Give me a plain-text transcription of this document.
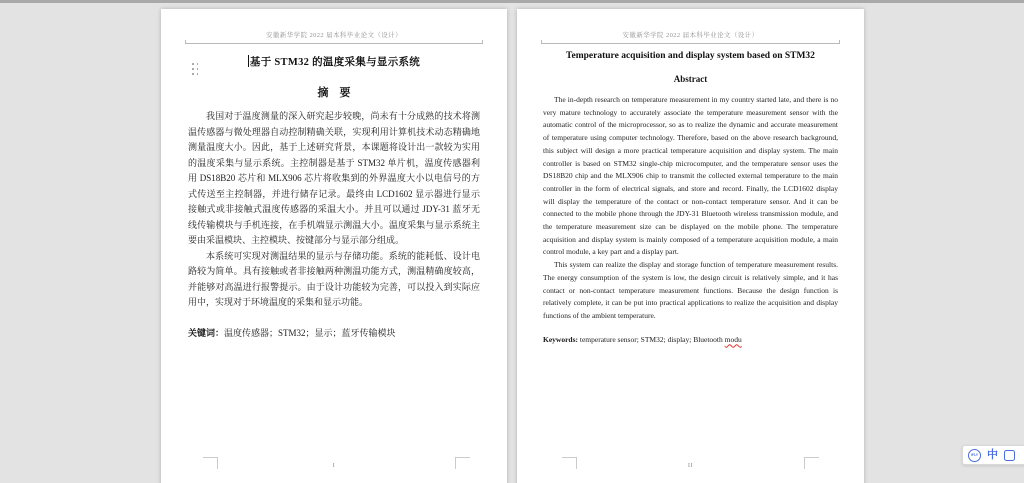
安徽新华学院 2022 届本科毕业论文（设计）
基于 STM32 的温度采集与显示系统
摘　要

我国对于温度测量的深入研究起步较晚，尚未有十分成熟的技术将测温传感器与微处理器自动控制精确关联，实现利用计算机技术动态精确地测量温度大小。因此，基于上述研究背景，本课题将设计出一款较为实用的温度采集与显示系统。主控制器是基于 STM32 单片机，温度传感器利用 DS18B20 芯片和 MLX906 芯片将收集到的外界温度大小以电信号的方式传送至主控制器，并进行储存记录。最终由 LCD1602 显示器进行显示接触式或非接触式温度传感器的采温大小。并且可以通过 JDY-31 蓝牙无线传输模块与手机连接，在手机端显示测温大小。温度采集与显示系统主要由采温模块、主控模块、按键部分与显示部分组成。

本系统可实现对测温结果的显示与存储功能。系统的能耗低、设计电路较为简单。具有接触或者非接触两种测温功能方式，测温精确度较高，并能够对高温进行报警提示。由于设计功能较为完善，可以投入到实际应用中，实现对于环境温度的采集和显示功能。

关键词：温度传感器；STM32；显示；蓝牙传输模块
I
安徽新华学院 2022 届本科毕业论文（设计）
Temperature acquisition and display system based on STM32
Abstract

The in-depth research on temperature measurement in my country started late, and there is no very mature technology to accurately associate the temperature measurement sensor with the automatic control of the microprocessor, so as to realize the dynamic and accurate measurement of temperature using computer technology. Therefore, based on the above research background, this subject will design a more practical temperature acquisition and display system. The main controller is based on STM32 single-chip microcomputer, and the temperature sensor uses the DS18B20 chip and the MLX906 chip to transmit the collected external temperature to the main controller in the form of electrical signals, and store and record. Finally, the LCD1602 display will display the temperature of the contact or non-contact temperature sensor. And it can be connected to the mobile phone through the JDY-31 Bluetooth wireless transmission module, and the temperature measurement size can be displayed on the mobile phone. The temperature acquisition and display system is mainly composed of a temperature acquisition module, a main control module, a key part and a display part.

This system can realize the display and storage function of temperature measurement results. The energy consumption of the system is low, the design circuit is relatively simple, and it has contact or non-contact temperature measurement functions. Because the design function is relatively complete, it can be put into practical applications to realize the acquisition and display functions of the ambient temperature.

Keywords: temperature sensor; STM32; display; Bluetooth modu
II
iFLY 中
